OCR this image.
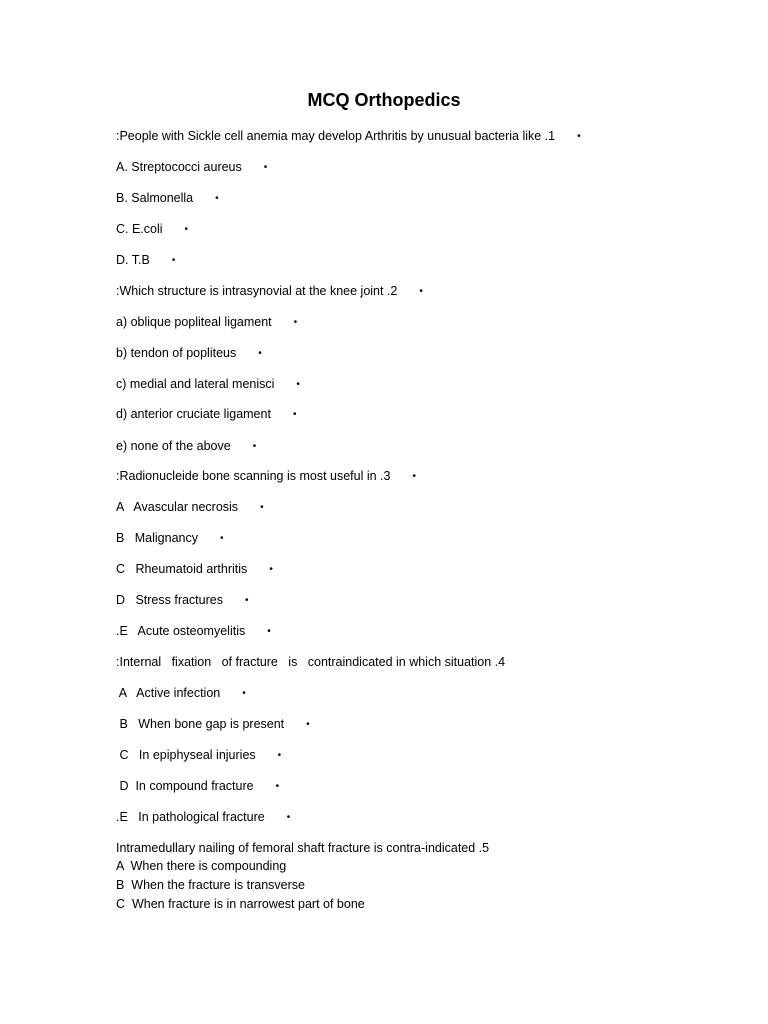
MCQ Orthopedics
:People with Sickle cell anemia may develop Arthritis by unusual bacteria like .1 •
A. Streptococci aureus •
B. Salmonella •
C. E.coli •
D. T.B •
:Which structure is intrasynovial at the knee joint .2 •
a) oblique popliteal ligament •
b) tendon of popliteus •
c) medial and lateral menisci •
d) anterior cruciate ligament •
e) none of the above •
:Radionucleide bone scanning is most useful in .3 •
A   Avascular necrosis •
B   Malignancy •
C   Rheumatoid arthritis •
D   Stress fractures •
.E   Acute osteomyelitis •
:Internal   fixation   of fracture   is   contraindicated in which situation .4
A   Active infection •
B   When bone gap is present •
C   In epiphyseal injuries •
D  In compound fracture •
.E   In pathological fracture •
Intramedullary nailing of femoral shaft fracture is contra-indicated .5
A  When there is compounding
B  When the fracture is transverse
C  When fracture is in narrowest part of bone
